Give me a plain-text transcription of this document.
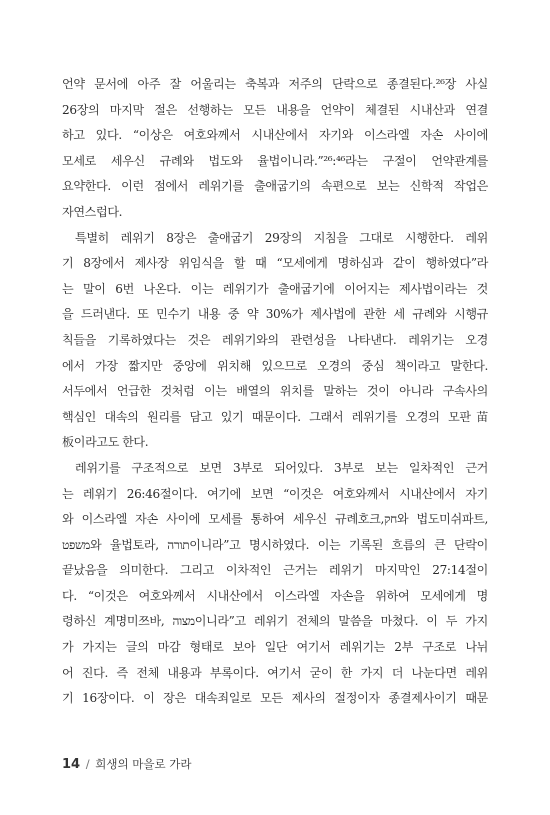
언약 문서에 아주 잘 어울리는 축복과 저주의 단락으로 종결된다.²⁶장 사실
26장의 마지막 절은 선행하는 모든 내용을 언약이 체결된 시내산과 연결
하고 있다. “이상은 여호와께서 시내산에서 자기와 이스라엘 자손 사이에
모세로 세우신 규례와 법도와 율법이니라.”²⁶:⁴⁶라는 구절이 언약관계를
요약한다. 이런 점에서 레위기를 출애굽기의 속편으로 보는 신학적 작업은
자연스럽다.
특별히 레위기 8장은 출애굽기 29장의 지침을 그대로 시행한다. 레위
기 8장에서 제사장 위임식을 할 때 “모세에게 명하심과 같이 행하였다”라
는 말이 6번 나온다. 이는 레위기가 출애굽기에 이어지는 제사법이라는 것
을 드러낸다. 또 민수기 내용 중 약 30%가 제사법에 관한 세 규례와 시행규
칙들을 기록하였다는 것은 레위기와의 관련성을 나타낸다. 레위기는 오경
에서 가장 짧지만 중앙에 위치해 있으므로 오경의 중심 책이라고 말한다.
서두에서 언급한 것처럼 이는 배열의 위치를 말하는 것이 아니라 구속사의
핵심인 대속의 원리를 담고 있기 때문이다. 그래서 레위기를 오경의 모판苗
板이라고도 한다.
레위기를 구조적으로 보면 3부로 되어있다. 3부로 보는 일차적인 근거
는 레위기 26:46절이다. 여기에 보면 “이것은 여호와께서 시내산에서 자기
와 이스라엘 자손 사이에 모세를 통하여 세우신 규례호크,חק와 법도미쉬파트,
משפט와 율법토라, תורה이니라”고 명시하였다. 이는 기록된 흐름의 큰 단락이
끝났음을 의미한다. 그리고 이차적인 근거는 레위기 마지막인 27:14절이
다. “이것은 여호와께서 시내산에서 이스라엘 자손을 위하여 모세에게 명
령하신 계명미쯔바, מצוה이니라”고 레위기 전체의 말씀을 마쳤다. 이 두 가지
가 가지는 글의 마감 형태로 보아 일단 여기서 레위기는 2부 구조로 나뉘
어 진다. 즉 전체 내용과 부록이다. 여기서 굳이 한 가지 더 나눈다면 레위
기 16장이다. 이 장은 대속죄일로 모든 제사의 절정이자 종결제사이기 때문
14 / 희생의 마을로 가라
